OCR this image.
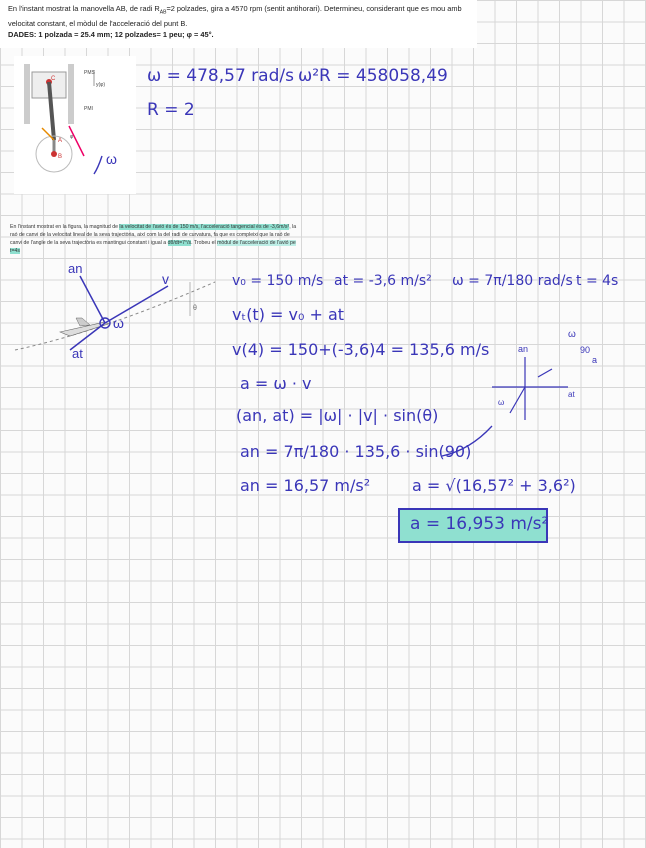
En l'instant mostrat la manovella AB, de radi $R_{AB}=2$ polzades, gira a 4570 rpm (sentit antihorari). Determineu, considerant que es mou amb velocitat constant, el mòdul de l'acceleració del punt B.
DADES: 1 polzada = 25.4 mm; 12 polzades= 1 peu; φ = 45°.
PMS
y(φ)
PMI
C
A
B
φ
ω
ω = 478,57 rad/s ω²R = 458058,49
R = 2
En l'instant mostrat en la figura, la magnitud de la velocitat de l'avió és de 150 m/s, l'acceleració tangencial és de -3,6m/s², la
raó de canvi de la velocitat lineal de la seva trajectòria, així com la del radi de curvatura, fa que es compleixi que la raó de
canvi de l'angle de la seva trajectòria es mantingui constant i igual a dθ/dt=7°/s. Trobeu el mòdul de l'acceleració de l'avió pe
t=4s
an
at
v
ω
θ
v₀ = 150 m/s at = -3,6 m/s² ω = 7π/180 rad/s t = 4s
vₜ(t) = v₀ + at
v(4) = 150+(-3,6)4 = 135,6 m/s
a = ω · v
(an, at) = |ω| · |v| · sin(θ)
an = 7π/180 · 135,6 · sin(90)
an = 16,57 m/s²	a = √(16,57² + 3,6²)
a = 16,953 m/s²
an
at
ω
ω
90
a
